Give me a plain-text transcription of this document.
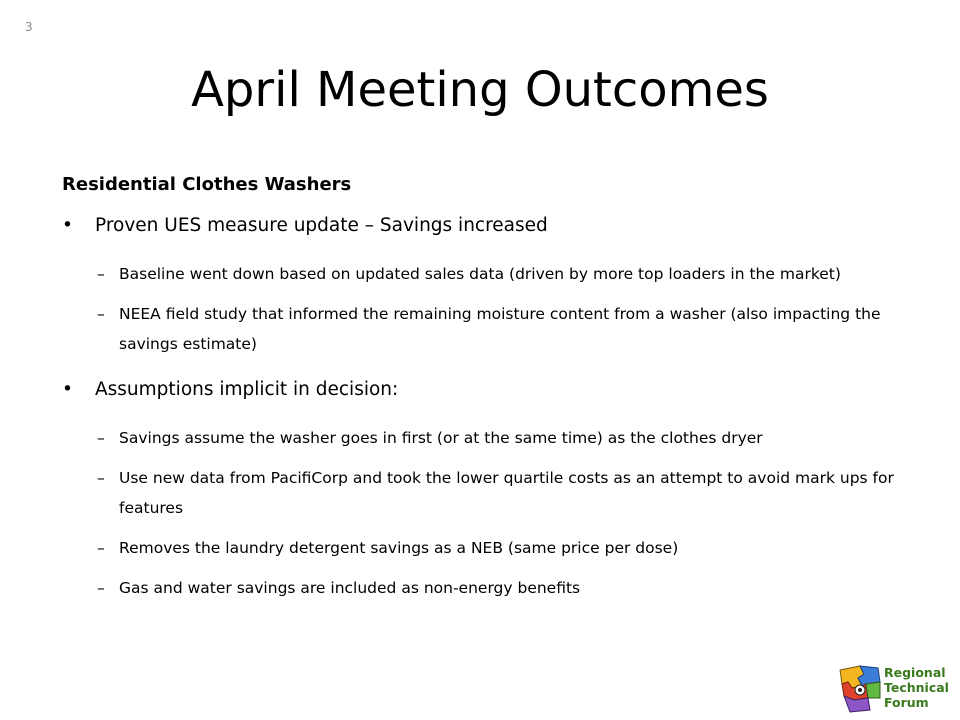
3
April Meeting Outcomes
Residential Clothes Washers
• Proven UES measure update – Savings increased
– Baseline went down based on updated sales data (driven by more top loaders in the market)
– NEEA field study that informed the remaining moisture content from a washer (also impacting the savings estimate)
• Assumptions implicit in decision:
– Savings assume the washer goes in first (or at the same time) as the clothes dryer
– Use new data from PacifiCorp and took the lower quartile costs as an attempt to avoid mark ups for features
– Removes the laundry detergent savings as a NEB (same price per dose)
– Gas and water savings are included as non-energy benefits
Regional
Technical
Forum
